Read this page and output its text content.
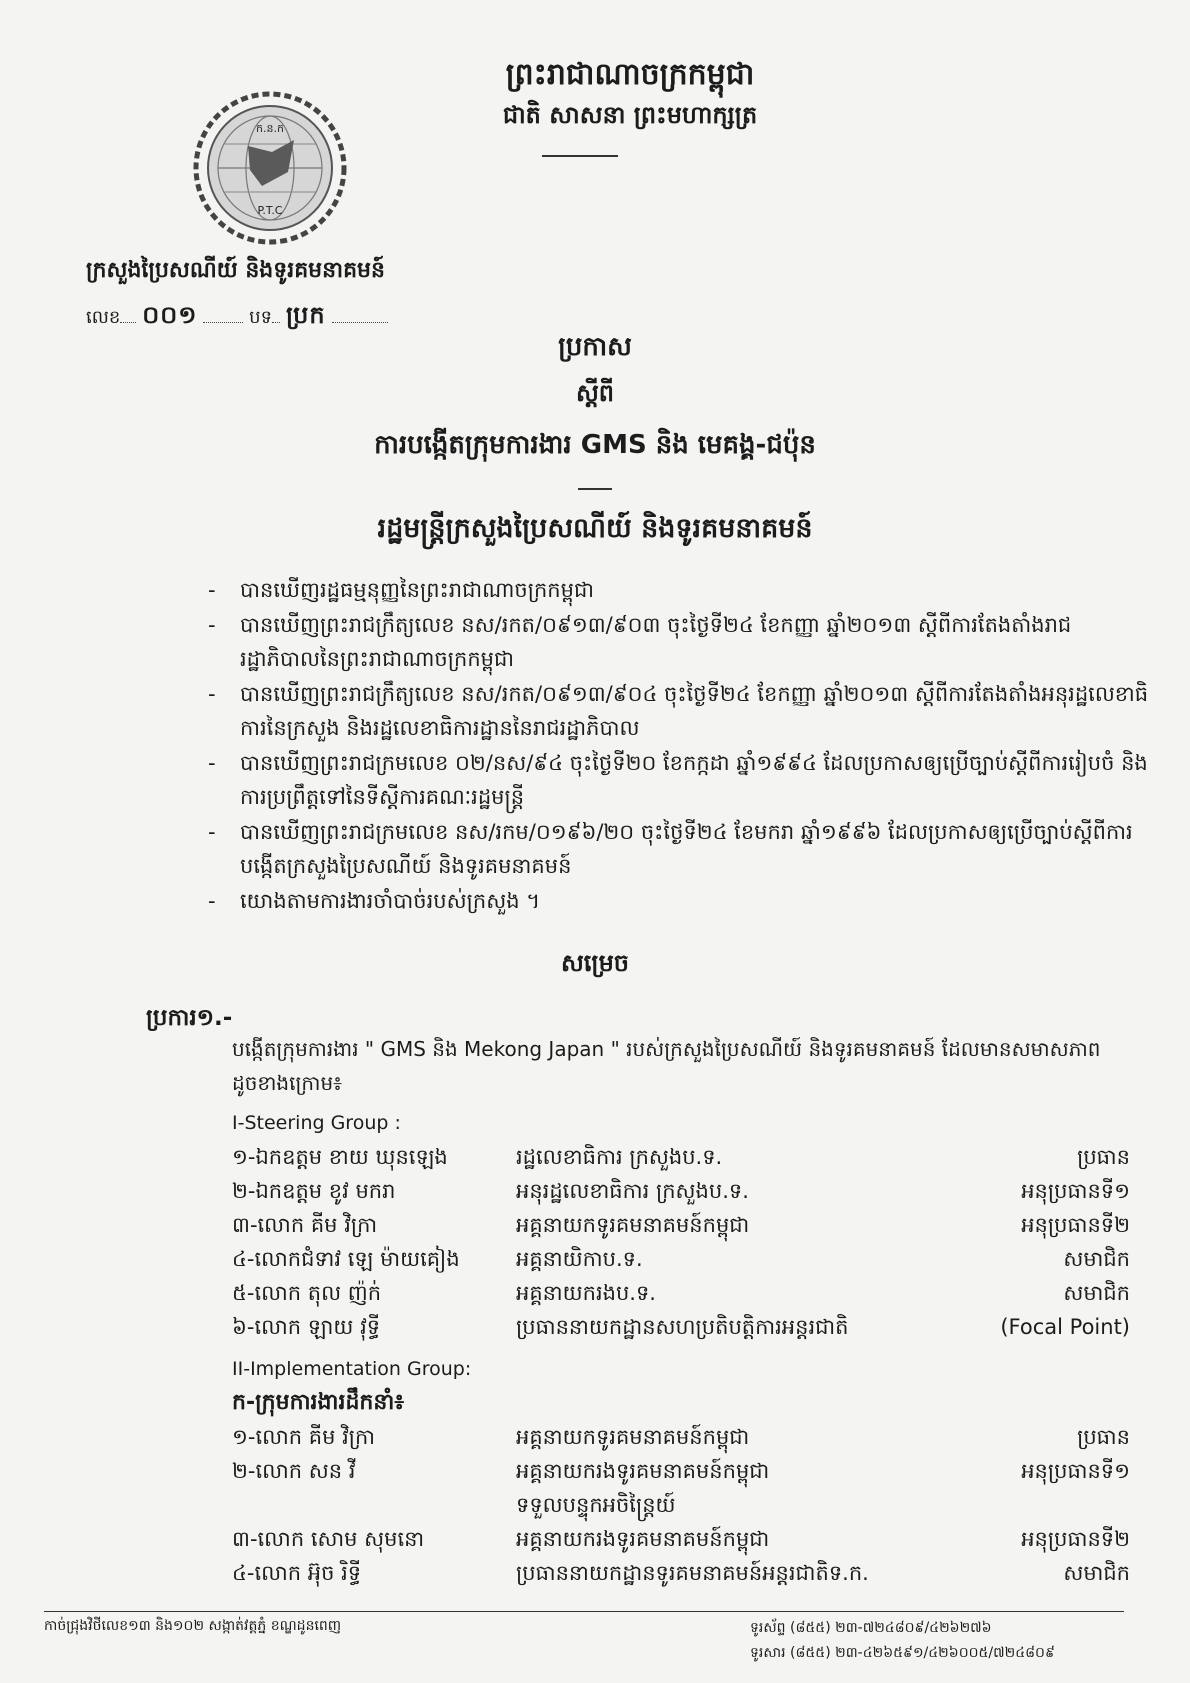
ព្រះរាជាណាចក្រកម្ពុជា
ជាតិ សាសនា ព្រះមហាក្សត្រ
ក.ន.ក
P.T.C
ក្រសួងប្រៃសណីយ៍ និងទូរគមនាគមន៍
លេខ ០០១	បទ ប្រក
ប្រកាស
ស្ដីពី
ការបង្កើតក្រុមការងារ GMS និង មេគង្គ-ជប៉ុន
រដ្ឋមន្ត្រីក្រសួងប្រៃសណីយ៍ និងទូរគមនាគមន៍
- បានឃើញរដ្ឋធម្មនុញ្ញនៃព្រះរាជាណាចក្រកម្ពុជា
- បានឃើញព្រះរាជក្រឹត្យលេខ នស/រកត/០៩១៣/៩០៣ ចុះថ្ងៃទី២៤ ខែកញ្ញា ឆ្នាំ២០១៣ ស្តីពីការតែងតាំងរាជរដ្ឋាភិបាលនៃព្រះរាជាណាចក្រកម្ពុជា
- បានឃើញព្រះរាជក្រឹត្យលេខ នស/រកត/០៩១៣/៩០៤ ចុះថ្ងៃទី២៤ ខែកញ្ញា ឆ្នាំ២០១៣ ស្តីពីការតែងតាំងអនុរដ្ឋលេខាធិការនៃក្រសួង និងរដ្ឋលេខាធិការដ្ឋាននៃរាជរដ្ឋាភិបាល
- បានឃើញព្រះរាជក្រមលេខ ០២/នស/៩៤ ចុះថ្ងៃទី២០ ខែកក្កដា ឆ្នាំ១៩៩៤ ដែលប្រកាសឲ្យប្រើច្បាប់ស្តីពីការរៀបចំ និងការប្រព្រឹត្តទៅនៃទីស្តីការគណៈរដ្ឋមន្ត្រី
- បានឃើញព្រះរាជក្រមលេខ នស/រកម/០១៩៦/២០ ចុះថ្ងៃទី២៤ ខែមករា ឆ្នាំ១៩៩៦ ដែលប្រកាសឲ្យប្រើច្បាប់ស្តីពីការបង្កើតក្រសួងប្រៃសណីយ៍ និងទូរគមនាគមន៍
- យោងតាមការងារចាំបាច់របស់ក្រសួង ។
សម្រេច
ប្រការ១.-
បង្កើតក្រុមការងារ " GMS និង Mekong Japan " របស់ក្រសួងប្រៃសណីយ៍ និងទូរគមនាគមន៍ ដែលមានសមាសភាព ដូចខាងក្រោម៖
I-Steering Group :
១-ឯកឧត្តម ខាយ ឃុនឡេង	រដ្ឋលេខាធិការ ក្រសួងប.ទ.	ប្រធាន
២-ឯកឧត្តម ខូវ មករា	អនុរដ្ឋលេខាធិការ ក្រសួងប.ទ.	អនុប្រធានទី១
៣-លោក គីម វិក្រា	អគ្គនាយកទូរគមនាគមន៍កម្ពុជា	អនុប្រធានទី២
៤-លោកជំទាវ ឡេ ម៉ាយគៀង	អគ្គនាយិកាប.ទ.	សមាជិក
៥-លោក តុល ញ៉ក់	អគ្គនាយករងប.ទ.	សមាជិក
៦-លោក ឡាយ វុទ្ធី	ប្រធាននាយកដ្ឋានសហប្រតិបត្តិការអន្តរជាតិ	(Focal Point)
II-Implementation Group:
ក-ក្រុមការងារដឹកនាំ៖
១-លោក គីម វិក្រា	អគ្គនាយកទូរគមនាគមន៍កម្ពុជា	ប្រធាន
២-លោក សន វី	អគ្គនាយករងទូរគមនាគមន៍កម្ពុជា	អនុប្រធានទី១
	ទទួលបន្ទុកអចិន្ត្រៃយ៍	
៣-លោក សោម សុមនោ	អគ្គនាយករងទូរគមនាគមន៍កម្ពុជា	អនុប្រធានទី២
៤-លោក អ៊ុច រិទ្ធី	ប្រធាននាយកដ្ឋានទូរគមនាគមន៍អន្តរជាតិទ.ក.	សមាជិក
កាច់ជ្រុងវិថីលេខ១៣ និង១០២ សង្កាត់វត្តភ្នំ ខណ្ឌដូនពេញ	ទូរស័ព្ទ (៨៥៥) ២៣-៧២៤៨០៩/៤២៦២៧៦
ទូរសារ (៨៥៥) ២៣-៤២៦៥៩១/៤២៦០០៥/៧២៤៨០៩
